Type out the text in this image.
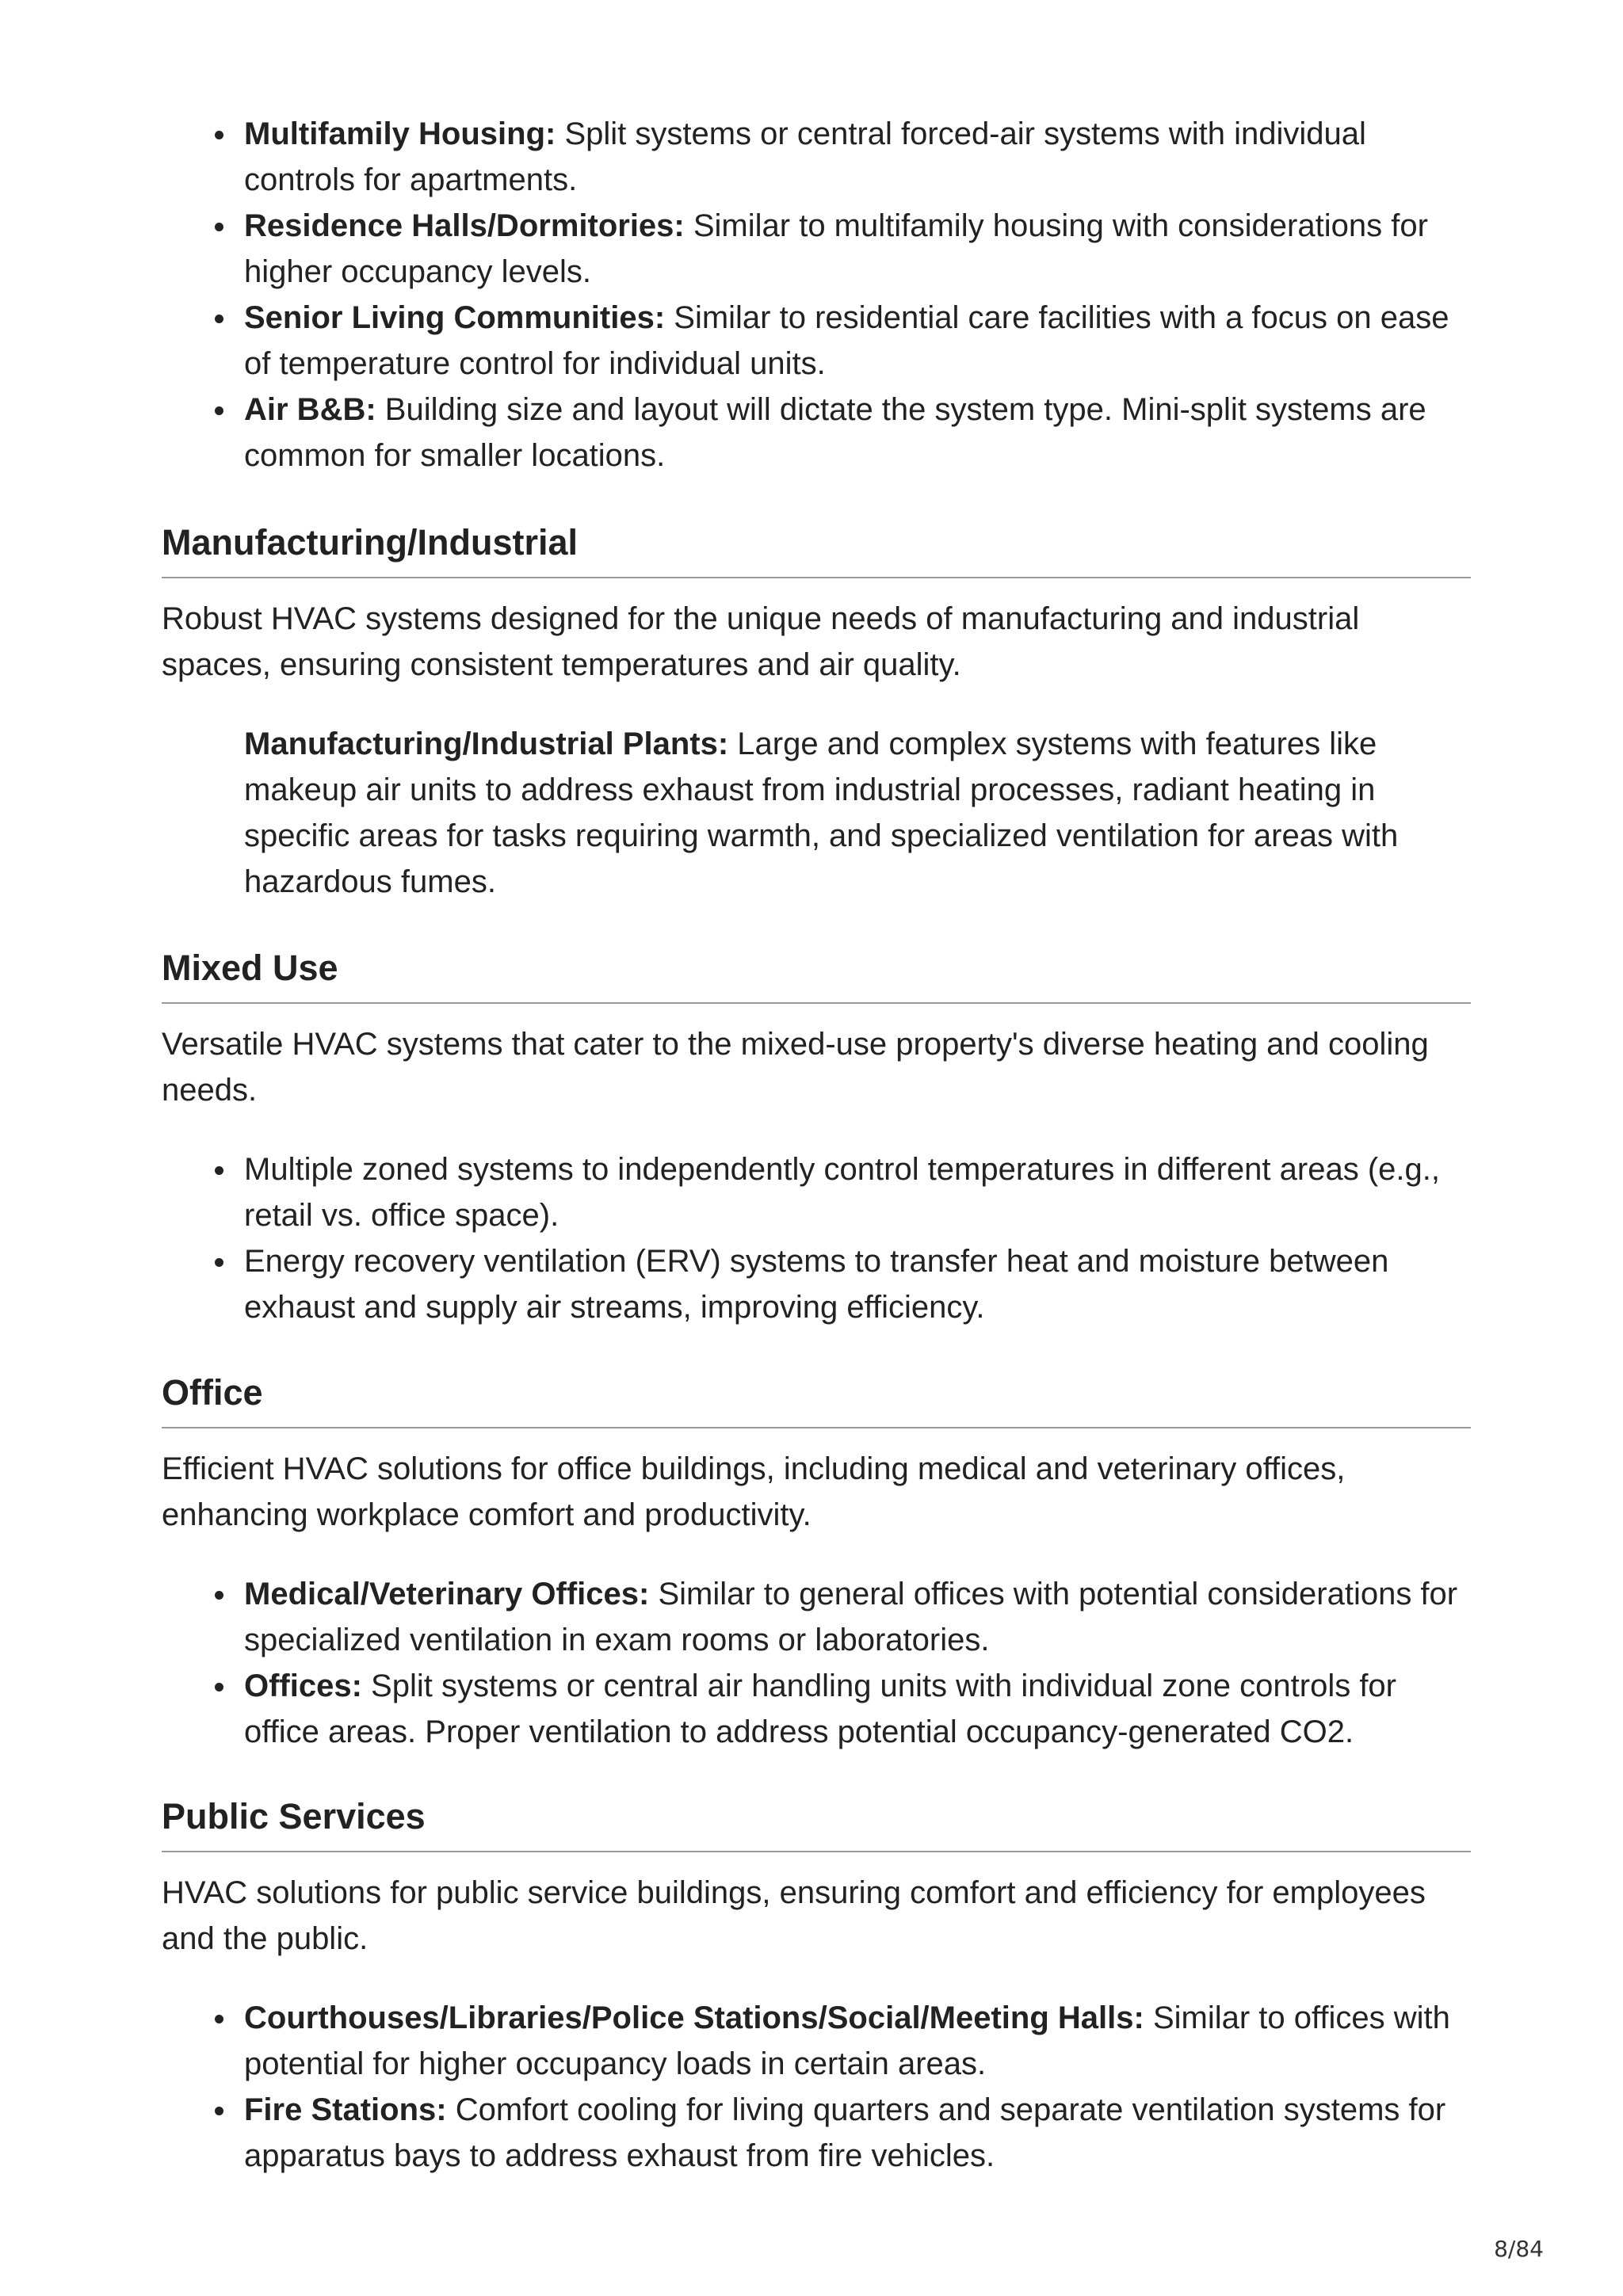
Multifamily Housing: Split systems or central forced-air systems with individual controls for apartments.
Residence Halls/Dormitories: Similar to multifamily housing with considerations for higher occupancy levels.
Senior Living Communities: Similar to residential care facilities with a focus on ease of temperature control for individual units.
Air B&B: Building size and layout will dictate the system type. Mini-split systems are common for smaller locations.
Manufacturing/Industrial

Robust HVAC systems designed for the unique needs of manufacturing and industrial spaces, ensuring consistent temperatures and air quality.

Manufacturing/Industrial Plants: Large and complex systems with features like makeup air units to address exhaust from industrial processes, radiant heating in specific areas for tasks requiring warmth, and specialized ventilation for areas with hazardous fumes.

Mixed Use

Versatile HVAC systems that cater to the mixed-use property's diverse heating and cooling needs.

Multiple zoned systems to independently control temperatures in different areas (e.g., retail vs. office space).
Energy recovery ventilation (ERV) systems to transfer heat and moisture between exhaust and supply air streams, improving efficiency.
Office

Efficient HVAC solutions for office buildings, including medical and veterinary offices, enhancing workplace comfort and productivity.

Medical/Veterinary Offices: Similar to general offices with potential considerations for specialized ventilation in exam rooms or laboratories.
Offices: Split systems or central air handling units with individual zone controls for office areas. Proper ventilation to address potential occupancy-generated CO2.
Public Services

HVAC solutions for public service buildings, ensuring comfort and efficiency for employees and the public.

Courthouses/Libraries/Police Stations/Social/Meeting Halls: Similar to offices with potential for higher occupancy loads in certain areas.
Fire Stations: Comfort cooling for living quarters and separate ventilation systems for apparatus bays to address exhaust from fire vehicles.
8/84
